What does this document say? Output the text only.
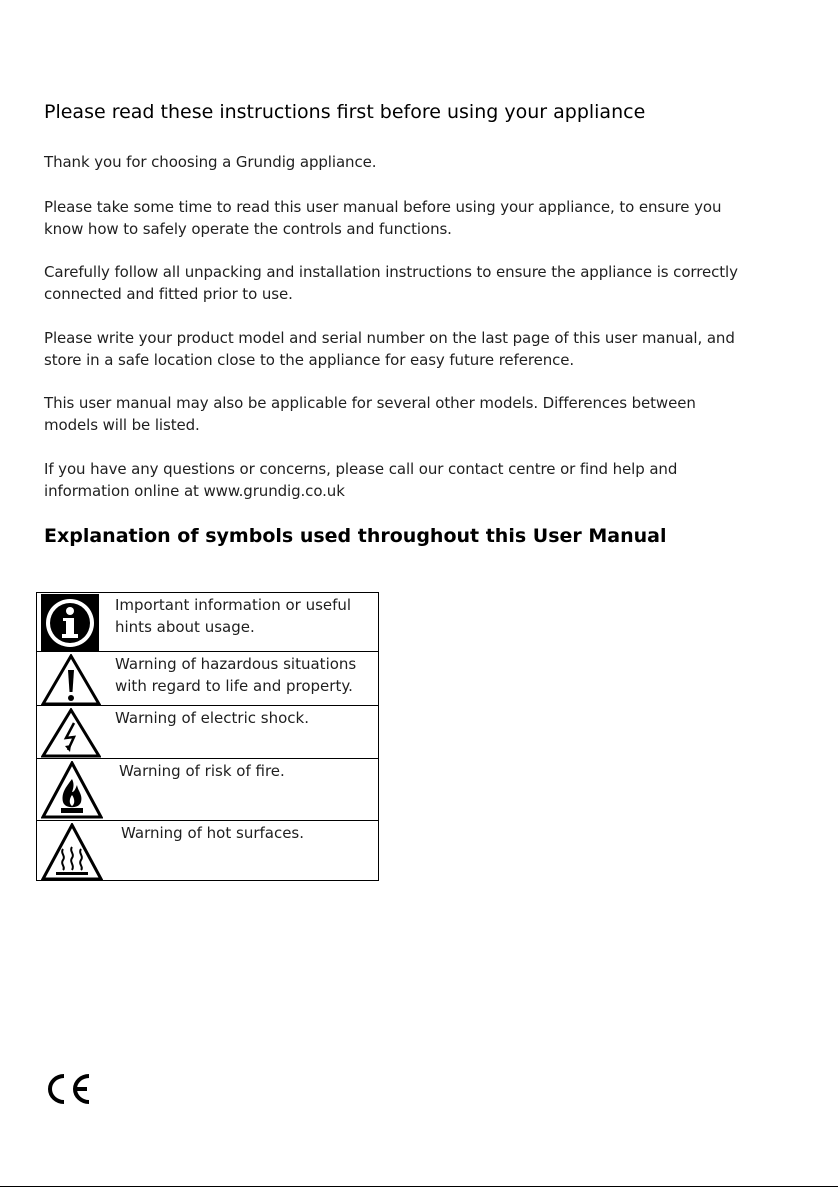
Please read these instructions first before using your appliance
Thank you for choosing a Grundig appliance.
Please take some time to read this user manual before using your appliance, to ensure you
know how to safely operate the controls and functions.
Carefully follow all unpacking and installation instructions to ensure the appliance is correctly
connected and fitted prior to use.
Please write your product model and serial number on the last page of this user manual, and
store in a safe location close to the appliance for easy future reference.
This user manual may also be applicable for several other models. Differences between
models will be listed.
If you have any questions or concerns, please call our contact centre or find help and
information online at www.grundig.co.uk
Explanation of symbols used throughout this User Manual
Important information or useful
hints about usage.
Warning of hazardous situations
with regard to life and property.
Warning of electric shock.
Warning of risk of fire.
Warning of hot surfaces.
